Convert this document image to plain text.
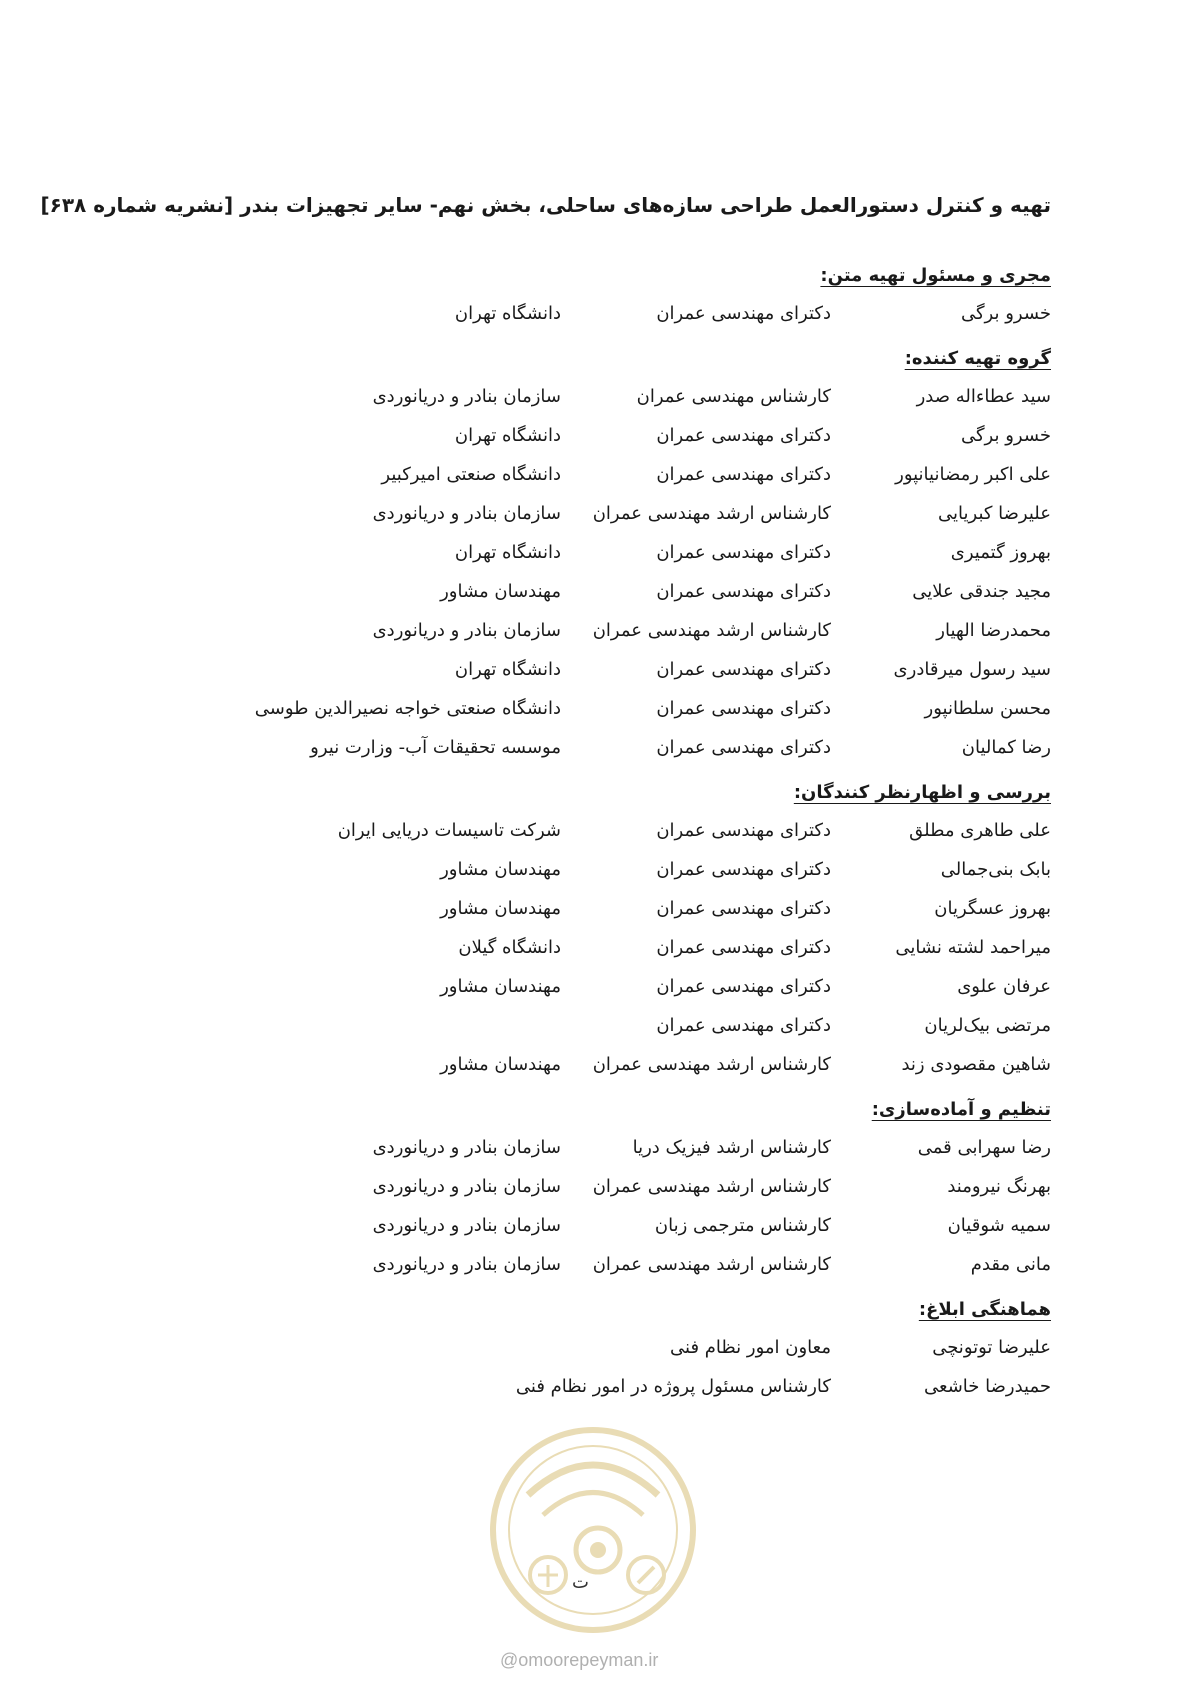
تهیه و کنترل دستورالعمل طراحی سازه‌های ساحلی، بخش نهم- سایر تجهیزات بندر [نشریه شماره ۶۳۸]
مجری و مسئول تهیه متن:
خسرو برگی
دکترای مهندسی عمران
دانشگاه تهران
گروه تهیه کننده:
سید عطاءاله صدر
کارشناس مهندسی عمران
سازمان بنادر و دریانوردی
خسرو برگی
دکترای مهندسی عمران
دانشگاه تهران
علی اکبر رمضانیانپور
دکترای مهندسی عمران
دانشگاه صنعتی امیرکبیر
علیرضا کبریایی
کارشناس ارشد مهندسی عمران
سازمان بنادر و دریانوردی
بهروز گتمیری
دکترای مهندسی عمران
دانشگاه تهران
مجید جندقی علایی
دکترای مهندسی عمران
مهندسان مشاور
محمدرضا الهیار
کارشناس ارشد مهندسی عمران
سازمان بنادر و دریانوردی
سید رسول میرقادری
دکترای مهندسی عمران
دانشگاه تهران
محسن سلطانپور
دکترای مهندسی عمران
دانشگاه صنعتی خواجه نصیرالدین طوسی
رضا کمالیان
دکترای مهندسی عمران
موسسه تحقیقات آب- وزارت نیرو
بررسی و اظهارنظر کنندگان:
علی طاهری مطلق
دکترای مهندسی عمران
شرکت تاسیسات دریایی ایران
بابک بنی‌جمالی
دکترای مهندسی عمران
مهندسان مشاور
بهروز عسگریان
دکترای مهندسی عمران
مهندسان مشاور
میراحمد لشته نشایی
دکترای مهندسی عمران
دانشگاه گیلان
عرفان علوی
دکترای مهندسی عمران
مهندسان مشاور
مرتضی بیک‌لریان
دکترای مهندسی عمران
شاهین مقصودی زند
کارشناس ارشد مهندسی عمران
مهندسان مشاور
تنظیم و آماده‌سازی:
رضا سهرابی قمی
کارشناس ارشد فیزیک دریا
سازمان بنادر و دریانوردی
بهرنگ نیرومند
کارشناس ارشد مهندسی عمران
سازمان بنادر و دریانوردی
سمیه شوقیان
کارشناس مترجمی زبان
سازمان بنادر و دریانوردی
مانی مقدم
کارشناس ارشد مهندسی عمران
سازمان بنادر و دریانوردی
هماهنگی ابلاغ:
علیرضا توتونچی
معاون امور نظام فنی
حمیدرضا خاشعی
کارشناس مسئول پروژه در امور نظام فنی
ت
@omoorepeyman.ir
